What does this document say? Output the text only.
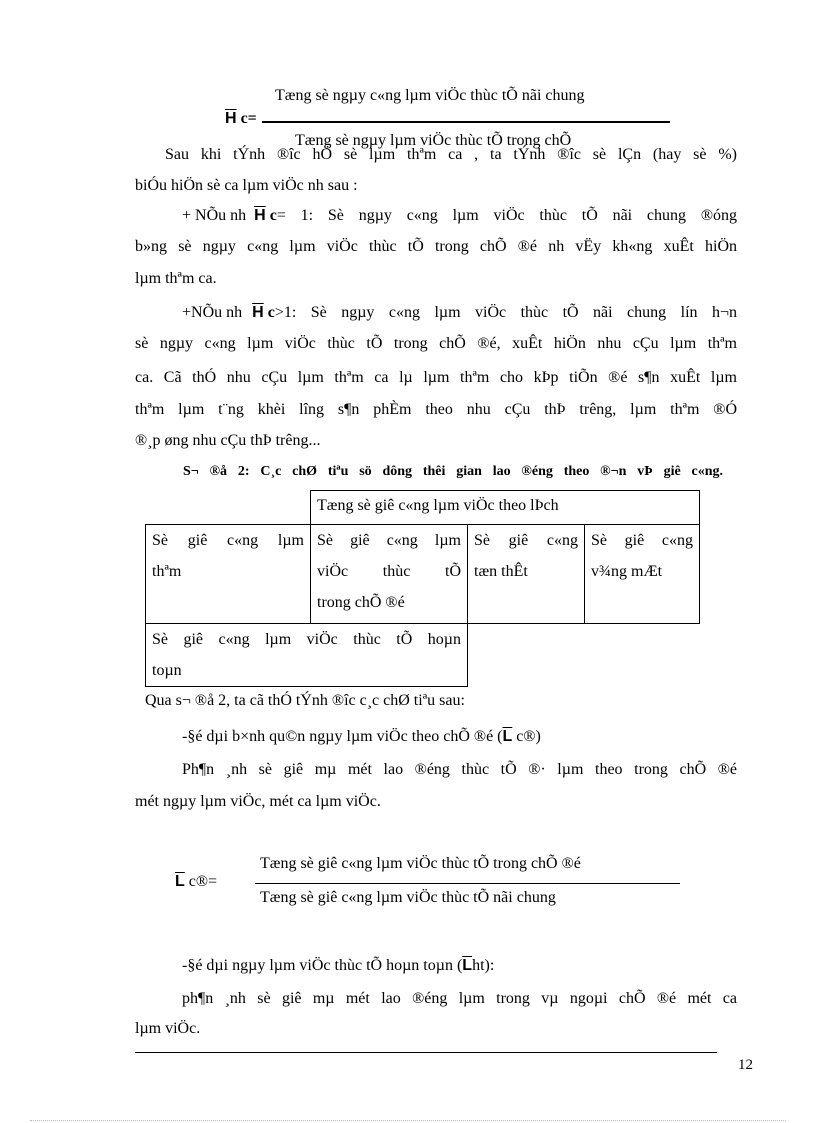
Tæng sè ngµy c«ng lµm viÖc thùc tÕ nãi chung
$\overline{H}$ c=
Tæng sè ngµy lµm viÖc thùc tÕ trong chÕ
Sau khi tÝnh ®îc hÖ sè lµm thªm ca , ta tÝnh ®îc sè lÇn (hay sè %)
biÓu hiÖn sè ca lµm viÖc nh sau :
+ NÕu nh $\overline{H}$ c = 1: Sè ngµy c«ng lµm viÖc thùc tÕ nãi chung ®óng
b»ng sè ngµy c«ng lµm viÖc thùc tÕ trong chÕ ®é nh vËy kh«ng xuÊt hiÖn
lµm thªm ca.
+NÕu nh $\overline{H}$ c >1: Sè ngµy c«ng lµm viÖc thùc tÕ nãi chung lín h¬n
sè ngµy c«ng lµm viÖc thùc tÕ trong chÕ ®é, xuÊt hiÖn nhu cÇu lµm thªm
ca. Cã thÓ nhu cÇu lµm thªm ca lµ lµm thªm cho kÞp tiÕn ®é s¶n xuÊt lµm
thªm lµm t¨ng khèi lîng s¶n phÈm theo nhu cÇu thÞ trêng, lµm thªm ®Ó
®¸p øng nhu cÇu thÞ trêng...
S¬ ®å 2: C¸c chØ tiªu sö dông thêi gian lao ®éng theo ®¬n vÞ giê c«ng.
Tæng sè giê c«ng lµm viÖc theo lÞch
Sè giê c«ng lµm
thªm
Sè giê c«ng lµm
viÖc thùc tÕ
trong chÕ ®é
Sè giê c«ng
tæn thÊt
Sè giê c«ng
v¾ng mÆt
Sè giê c«ng lµm viÖc thùc tÕ hoµn
toµn
Qua s¬ ®å 2, ta cã thÓ tÝnh ®îc c¸c chØ tiªu sau:
-§é dµi b×nh qu©n ngµy lµm viÖc theo chÕ ®é ($\overline{L}$ c®)
Ph¶n ¸nh sè giê mµ mét lao ®éng thùc tÕ ®· lµm theo trong chÕ ®é
mét ngµy lµm viÖc, mét ca lµm viÖc.
Tæng sè giê c«ng lµm viÖc thùc tÕ trong chÕ ®é
$\overline{L}$ c®=
Tæng sè giê c«ng lµm viÖc thùc tÕ nãi chung
-§é dµi ngµy lµm viÖc thùc tÕ hoµn toµn $(\overline{L}ht)$:
ph¶n ¸nh sè giê mµ mét lao ®éng lµm trong vµ ngoµi chÕ ®é mét ca
lµm viÖc.
12
